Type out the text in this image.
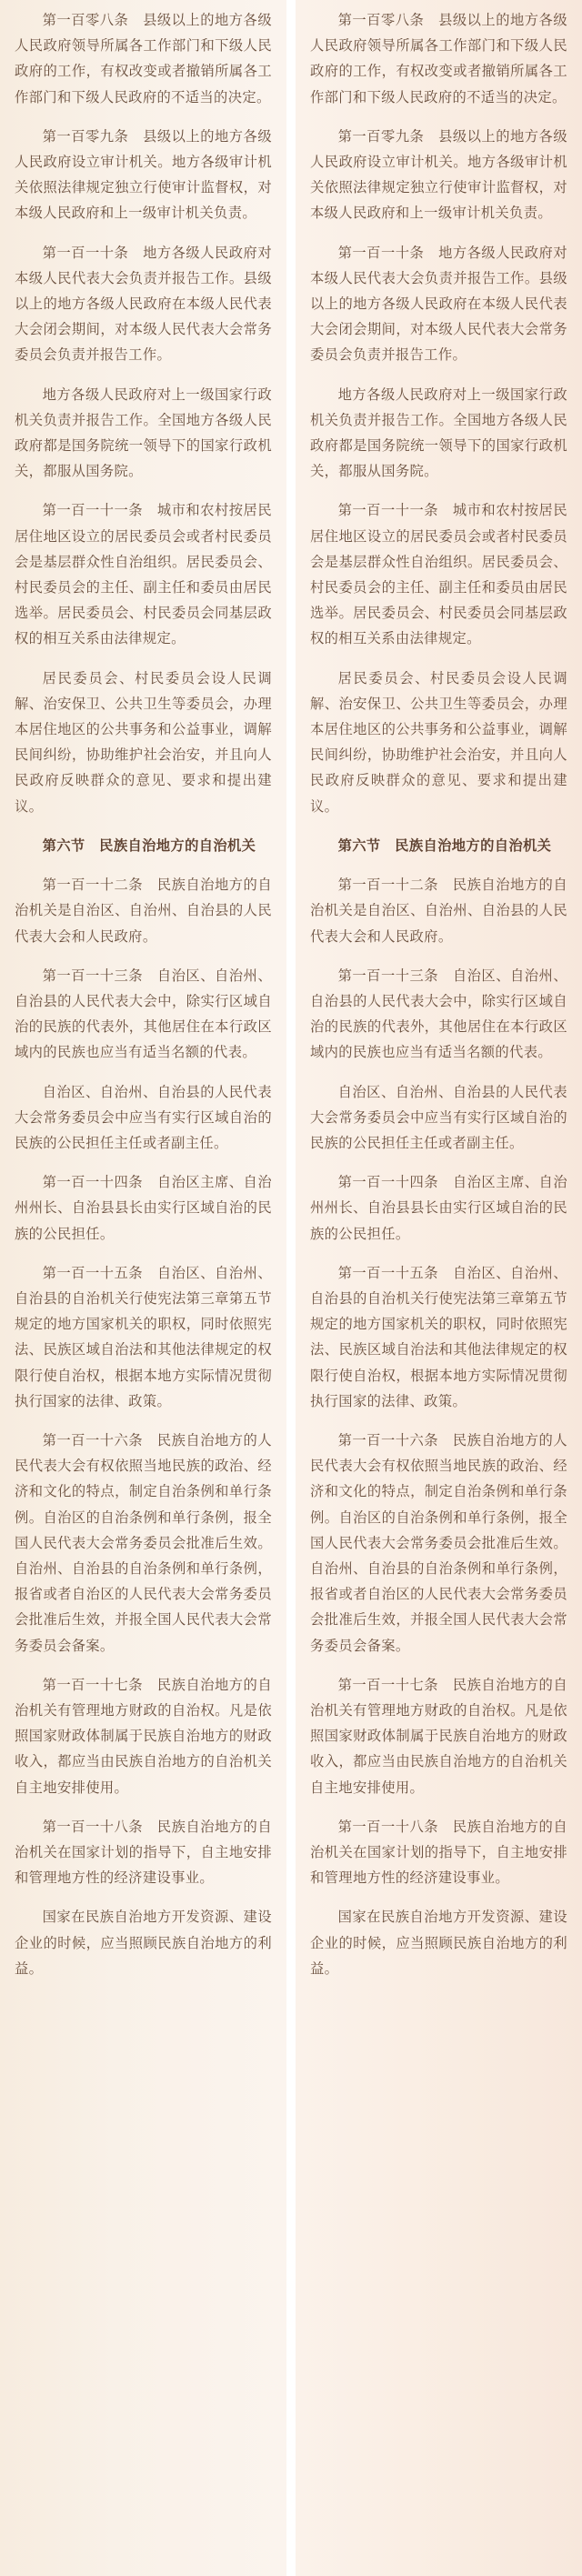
第一百零八条　县级以上的地方各级人民政府领导所属各工作部门和下级人民政府的工作，有权改变或者撤销所属各工作部门和下级人民政府的不适当的决定。

第一百零九条　县级以上的地方各级人民政府设立审计机关。地方各级审计机关依照法律规定独立行使审计监督权，对本级人民政府和上一级审计机关负责。

第一百一十条　地方各级人民政府对本级人民代表大会负责并报告工作。县级以上的地方各级人民政府在本级人民代表大会闭会期间，对本级人民代表大会常务委员会负责并报告工作。

地方各级人民政府对上一级国家行政机关负责并报告工作。全国地方各级人民政府都是国务院统一领导下的国家行政机关，都服从国务院。

第一百一十一条　城市和农村按居民居住地区设立的居民委员会或者村民委员会是基层群众性自治组织。居民委员会、村民委员会的主任、副主任和委员由居民选举。居民委员会、村民委员会同基层政权的相互关系由法律规定。

居民委员会、村民委员会设人民调解、治安保卫、公共卫生等委员会，办理本居住地区的公共事务和公益事业，调解民间纠纷，协助维护社会治安，并且向人民政府反映群众的意见、要求和提出建议。

第六节　民族自治地方的自治机关

第一百一十二条　民族自治地方的自治机关是自治区、自治州、自治县的人民代表大会和人民政府。

第一百一十三条　自治区、自治州、自治县的人民代表大会中，除实行区域自治的民族的代表外，其他居住在本行政区域内的民族也应当有适当名额的代表。

自治区、自治州、自治县的人民代表大会常务委员会中应当有实行区域自治的民族的公民担任主任或者副主任。

第一百一十四条　自治区主席、自治州州长、自治县县长由实行区域自治的民族的公民担任。

第一百一十五条　自治区、自治州、自治县的自治机关行使宪法第三章第五节规定的地方国家机关的职权，同时依照宪法、民族区域自治法和其他法律规定的权限行使自治权，根据本地方实际情况贯彻执行国家的法律、政策。

第一百一十六条　民族自治地方的人民代表大会有权依照当地民族的政治、经济和文化的特点，制定自治条例和单行条例。自治区的自治条例和单行条例，报全国人民代表大会常务委员会批准后生效。自治州、自治县的自治条例和单行条例，报省或者自治区的人民代表大会常务委员会批准后生效，并报全国人民代表大会常务委员会备案。

第一百一十七条　民族自治地方的自治机关有管理地方财政的自治权。凡是依照国家财政体制属于民族自治地方的财政收入，都应当由民族自治地方的自治机关自主地安排使用。

第一百一十八条　民族自治地方的自治机关在国家计划的指导下，自主地安排和管理地方性的经济建设事业。

国家在民族自治地方开发资源、建设企业的时候，应当照顾民族自治地方的利益。

第一百零八条　县级以上的地方各级人民政府领导所属各工作部门和下级人民政府的工作，有权改变或者撤销所属各工作部门和下级人民政府的不适当的决定。

第一百零九条　县级以上的地方各级人民政府设立审计机关。地方各级审计机关依照法律规定独立行使审计监督权，对本级人民政府和上一级审计机关负责。

第一百一十条　地方各级人民政府对本级人民代表大会负责并报告工作。县级以上的地方各级人民政府在本级人民代表大会闭会期间，对本级人民代表大会常务委员会负责并报告工作。

地方各级人民政府对上一级国家行政机关负责并报告工作。全国地方各级人民政府都是国务院统一领导下的国家行政机关，都服从国务院。

第一百一十一条　城市和农村按居民居住地区设立的居民委员会或者村民委员会是基层群众性自治组织。居民委员会、村民委员会的主任、副主任和委员由居民选举。居民委员会、村民委员会同基层政权的相互关系由法律规定。

居民委员会、村民委员会设人民调解、治安保卫、公共卫生等委员会，办理本居住地区的公共事务和公益事业，调解民间纠纷，协助维护社会治安，并且向人民政府反映群众的意见、要求和提出建议。

第六节　民族自治地方的自治机关

第一百一十二条　民族自治地方的自治机关是自治区、自治州、自治县的人民代表大会和人民政府。

第一百一十三条　自治区、自治州、自治县的人民代表大会中，除实行区域自治的民族的代表外，其他居住在本行政区域内的民族也应当有适当名额的代表。

自治区、自治州、自治县的人民代表大会常务委员会中应当有实行区域自治的民族的公民担任主任或者副主任。

第一百一十四条　自治区主席、自治州州长、自治县县长由实行区域自治的民族的公民担任。

第一百一十五条　自治区、自治州、自治县的自治机关行使宪法第三章第五节规定的地方国家机关的职权，同时依照宪法、民族区域自治法和其他法律规定的权限行使自治权，根据本地方实际情况贯彻执行国家的法律、政策。

第一百一十六条　民族自治地方的人民代表大会有权依照当地民族的政治、经济和文化的特点，制定自治条例和单行条例。自治区的自治条例和单行条例，报全国人民代表大会常务委员会批准后生效。自治州、自治县的自治条例和单行条例，报省或者自治区的人民代表大会常务委员会批准后生效，并报全国人民代表大会常务委员会备案。

第一百一十七条　民族自治地方的自治机关有管理地方财政的自治权。凡是依照国家财政体制属于民族自治地方的财政收入，都应当由民族自治地方的自治机关自主地安排使用。

第一百一十八条　民族自治地方的自治机关在国家计划的指导下，自主地安排和管理地方性的经济建设事业。

国家在民族自治地方开发资源、建设企业的时候，应当照顾民族自治地方的利益。
